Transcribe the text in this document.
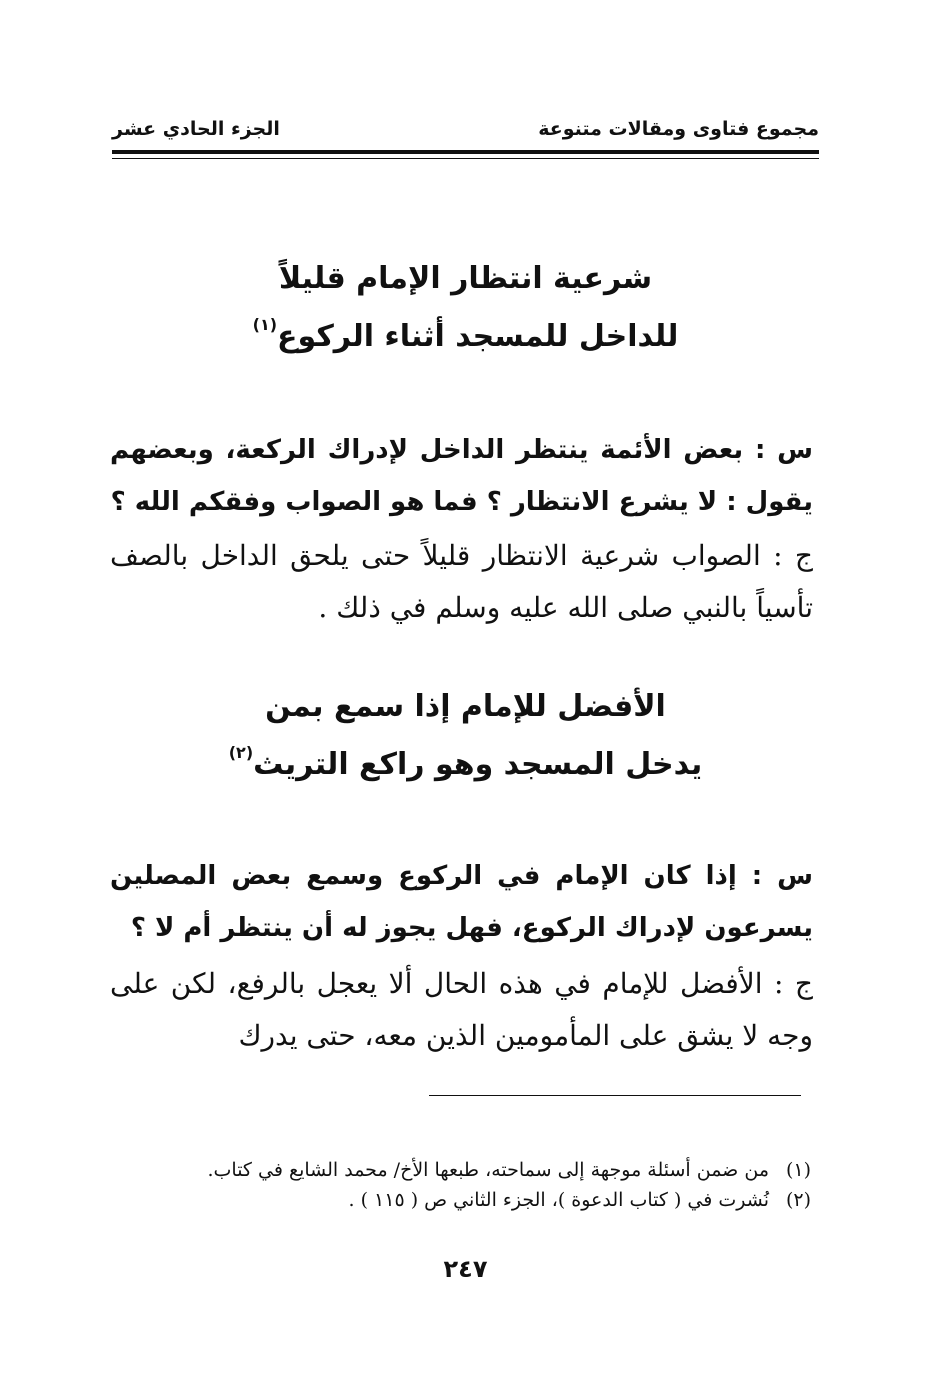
مجموع فتاوى ومقالات متنوعة
الجزء الحادي عشر
شرعية انتظار الإمام قليلاً
للداخل للمسجد أثناء الركوع$^{(١)}$
س : بعض الأئمة ينتظر الداخل لإدراك الركعة، وبعضهم يقول : لا يشرع الانتظار ؟ فما هو الصواب وفقكم الله ؟
ج : الصواب شرعية الانتظار قليلاً حتى يلحق الداخل بالصف تأسياً بالنبي صلى الله عليه وسلم في ذلك .
الأفضل للإمام إذا سمع بمن
يدخل المسجد وهو راكع التريث$^{(٢)}$
س : إذا كان الإمام في الركوع وسمع بعض المصلين يسرعون لإدراك الركوع، فهل يجوز له أن ينتظر أم لا ؟
ج : الأفضل للإمام في هذه الحال ألا يعجل بالرفع، لكن على وجه لا يشق على المأمومين الذين معه، حتى يدرك
(١)من ضمن أسئلة موجهة إلى سماحته، طبعها الأخ/ محمد الشايع في كتاب.
(٢)نُشرت في ( كتاب الدعوة )، الجزء الثاني ص ( ١١٥ ) .
٢٤٧
